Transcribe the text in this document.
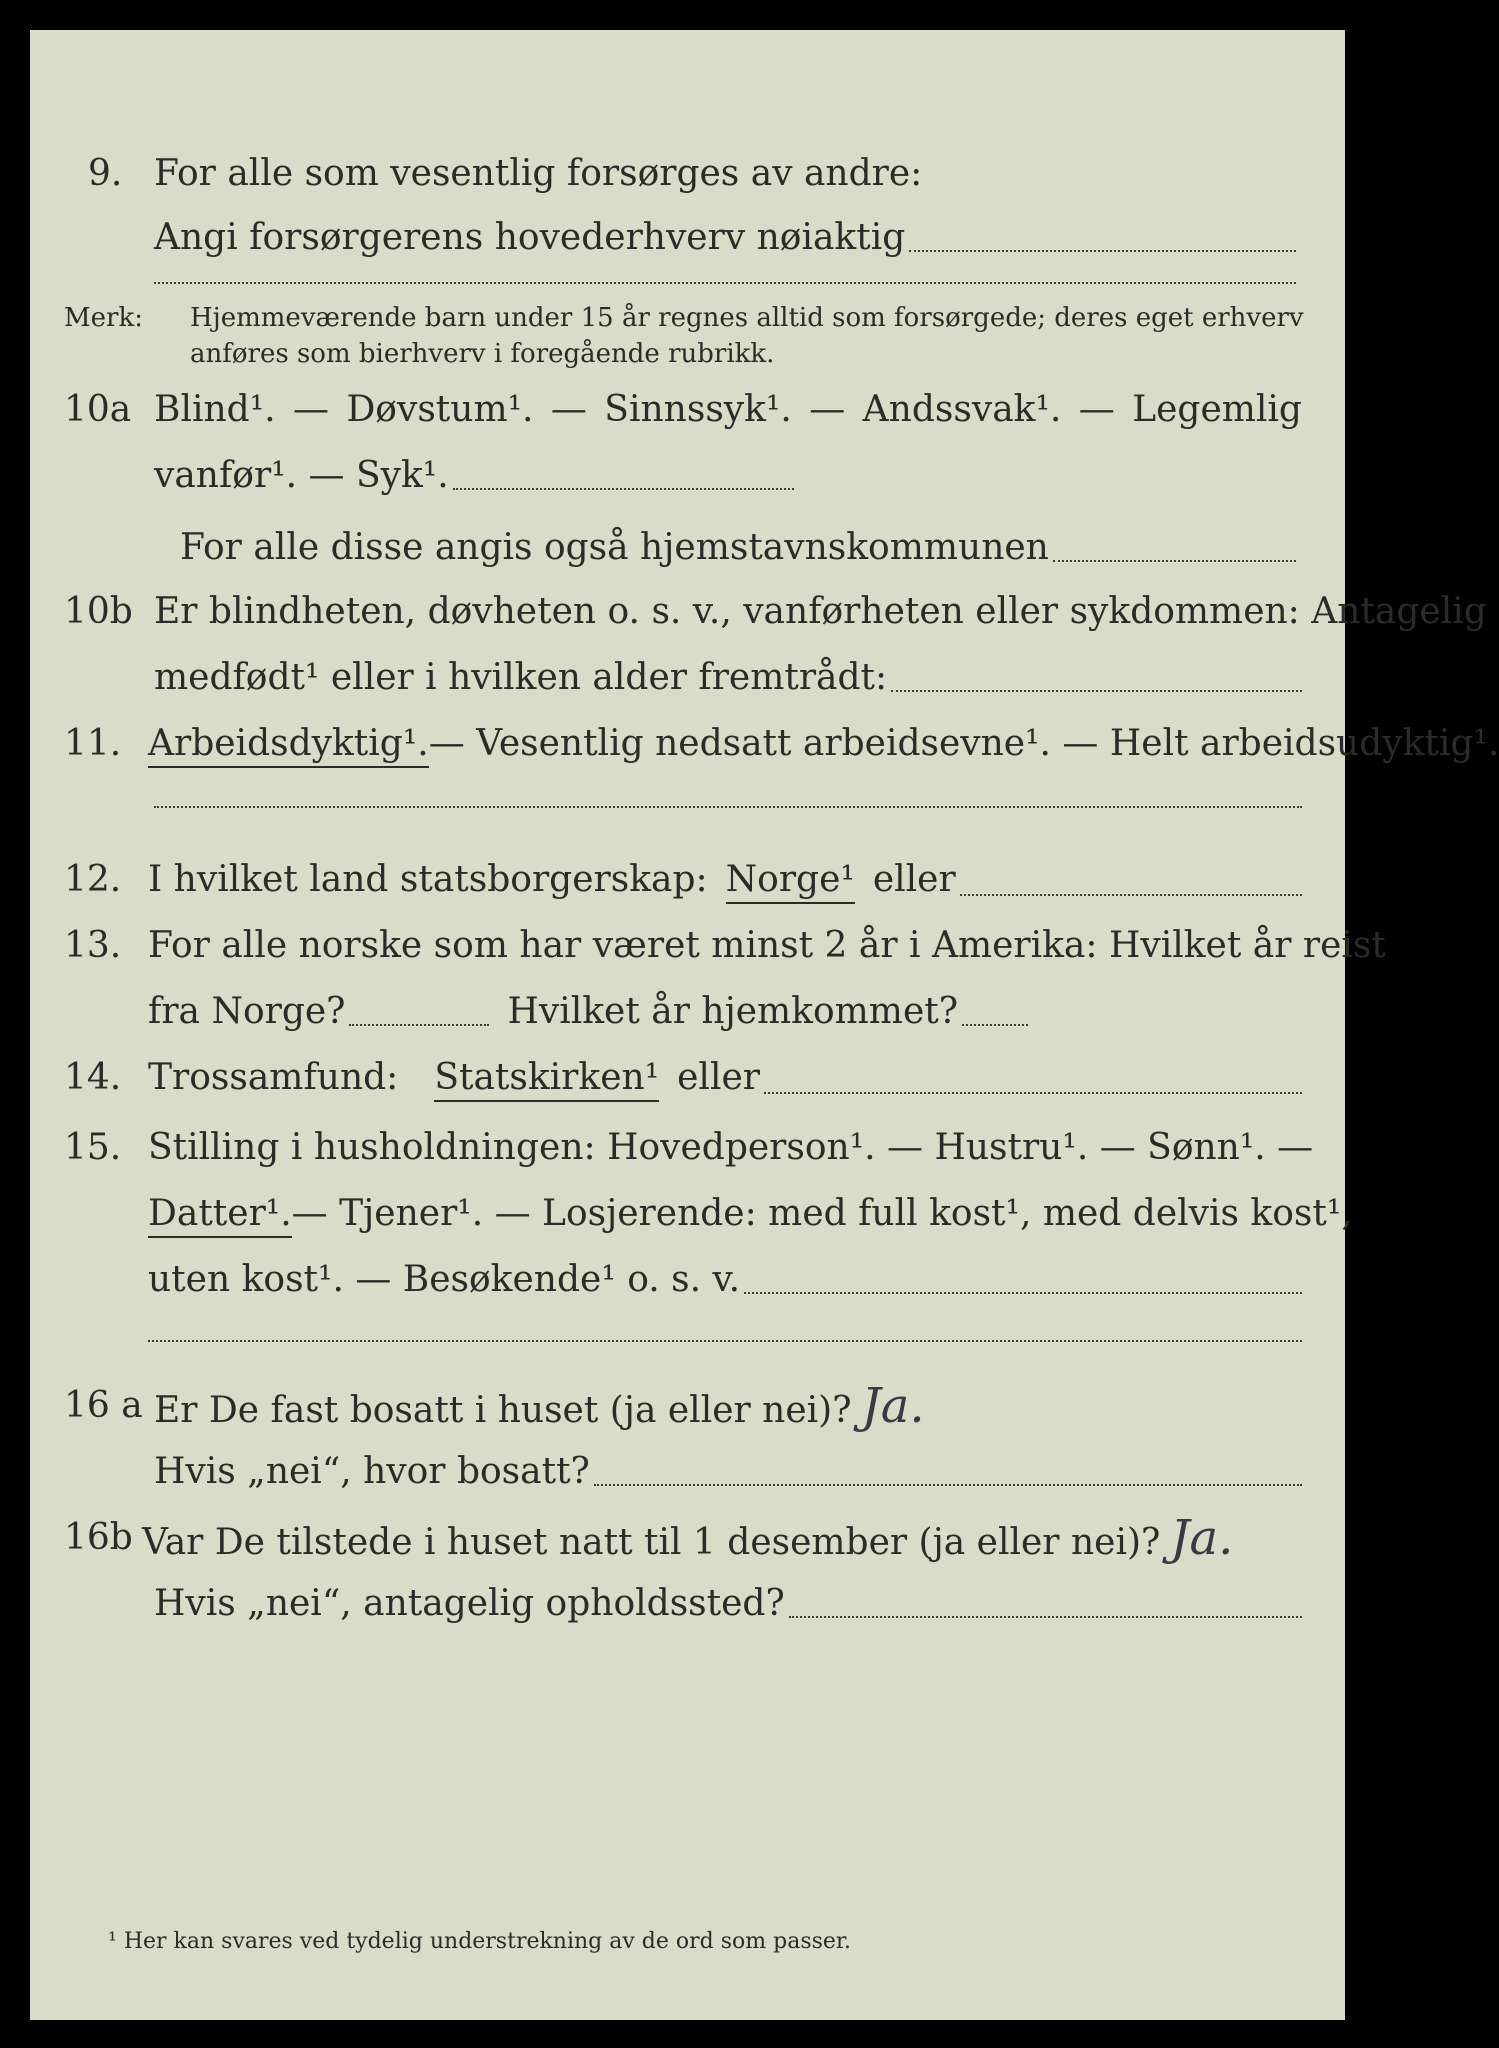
9. For alle som vesentlig forsørges av andre:
Angi forsørgerens hovederhverv nøiaktig
Merk: Hjemmeværende barn under 15 år regnes alltid som forsørgede; deres eget erhverv
anføres som bierhverv i foregående rubrikk.
10a Blind¹. — Døvstum¹. — Sinnssyk¹. — Andssvak¹. — Legemlig
vanfør¹. — Syk¹.
For alle disse angis også hjemstavnskommunen
10b Er blindheten, døvheten o. s. v., vanførheten eller sykdommen: Antagelig
medfødt¹ eller i hvilken alder fremtrådt:
11. Arbeidsdyktig¹. — Vesentlig nedsatt arbeidsevne¹. — Helt arbeidsudyktig¹.
12. I hvilket land statsborgerskap: Norge¹ eller
13. For alle norske som har været minst 2 år i Amerika: Hvilket år reist
fra Norge?	Hvilket år hjemkommet?
14. Trossamfund: Statskirken¹ eller
15. Stilling i husholdningen: Hovedperson¹. — Hustru¹. — Sønn¹. —
Datter¹. — Tjener¹. — Losjerende: med full kost¹, med delvis kost¹,
uten kost¹. — Besøkende¹ o. s. v.
16 a Er De fast bosatt i huset (ja eller nei)? Ja.
Hvis „nei“, hvor bosatt?
16b Var De tilstede i huset natt til 1 desember (ja eller nei)? Ja.
Hvis „nei“, antagelig opholdssted?
¹ Her kan svares ved tydelig understrekning av de ord som passer.
